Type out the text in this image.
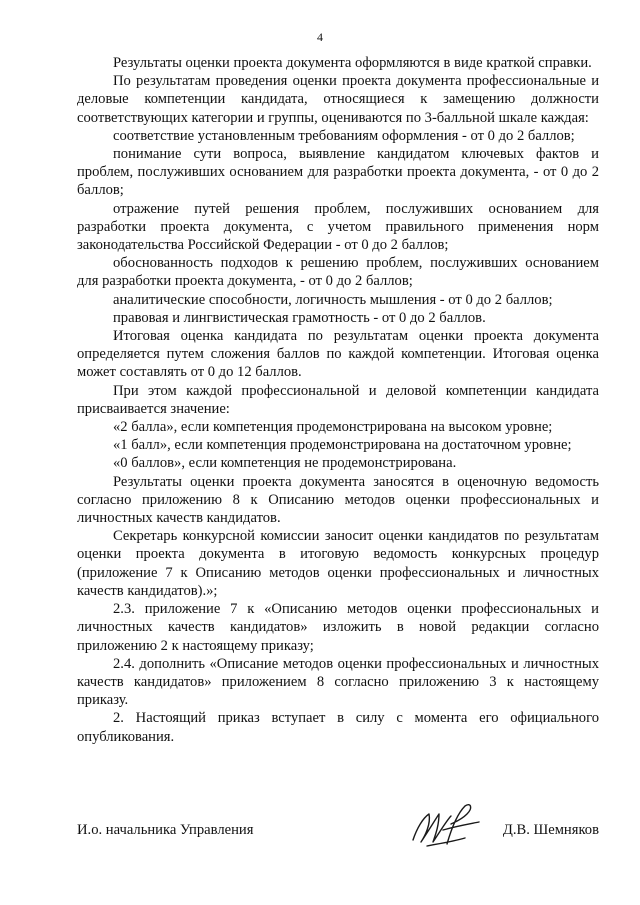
4

Результаты оценки проекта документа оформляются в виде краткой справки.

По результатам проведения оценки проекта документа профессиональные и деловые компетенции кандидата, относящиеся к замещению должности соответствующих категории и группы, оцениваются по 3-балльной шкале каждая:

соответствие установленным требованиям оформления - от 0 до 2 баллов;

понимание сути вопроса, выявление кандидатом ключевых фактов и проблем, послуживших основанием для разработки проекта документа, - от 0 до 2 баллов;

отражение путей решения проблем, послуживших основанием для разработки проекта документа, с учетом правильного применения норм законодательства Российской Федерации - от 0 до 2 баллов;

обоснованность подходов к решению проблем, послуживших основанием для разработки проекта документа, - от 0 до 2 баллов;

аналитические способности, логичность мышления - от 0 до 2 баллов;

правовая и лингвистическая грамотность - от 0 до 2 баллов.

Итоговая оценка кандидата по результатам оценки проекта документа определяется путем сложения баллов по каждой компетенции. Итоговая оценка может составлять от 0 до 12 баллов.

При этом каждой профессиональной и деловой компетенции кандидата присваивается значение:

«2 балла», если компетенция продемонстрирована на высоком уровне;

«1 балл», если компетенция продемонстрирована на достаточном уровне;

«0 баллов», если компетенция не продемонстрирована.

Результаты оценки проекта документа заносятся в оценочную ведомость согласно приложению 8 к Описанию методов оценки профессиональных и личностных качеств кандидатов.

Секретарь конкурсной комиссии заносит оценки кандидатов по результатам оценки проекта документа в итоговую ведомость конкурсных процедур (приложение 7 к Описанию методов оценки профессиональных и личностных качеств кандидатов).»;

2.3. приложение 7 к «Описанию методов оценки профессиональных и личностных качеств кандидатов» изложить в новой редакции согласно приложению 2 к настоящему приказу;

2.4. дополнить «Описание методов оценки профессиональных и личностных качеств кандидатов» приложением 8 согласно приложению 3 к настоящему приказу.

2. Настоящий приказ вступает в силу с момента его официального опубликования.

И.о. начальника Управления	Д.В. Шемняков
